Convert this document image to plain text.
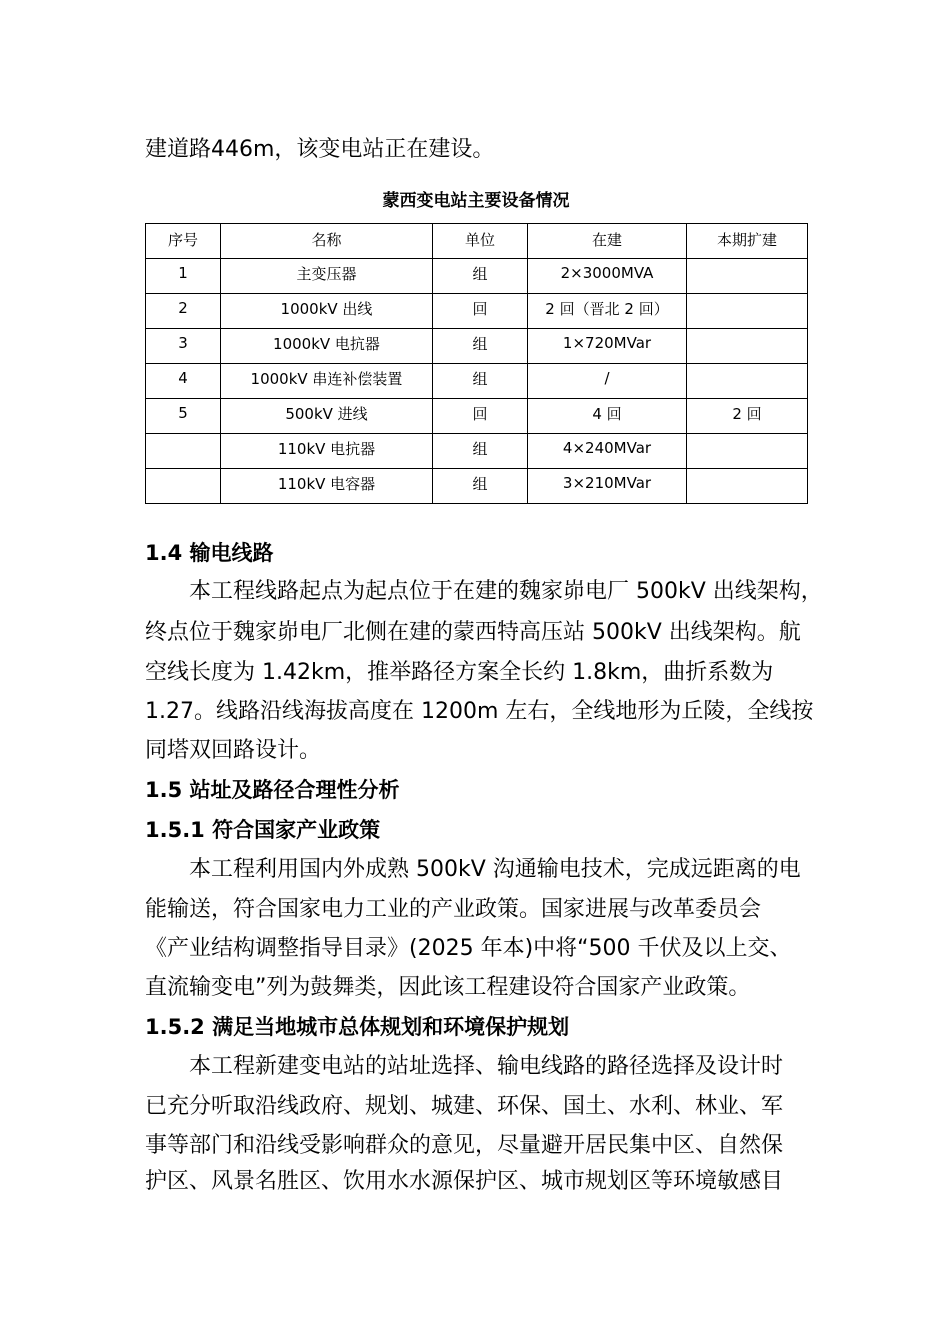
建道路446m，该变电站正在建设。
蒙西变电站主要设备情况
序号	名称	单位	在建	本期扩建
1	主变压器	组	2×3000MVA	
2	1000kV 出线	回	2 回（晋北 2 回）	
3	1000kV 电抗器	组	1×720MVar	
4	1000kV 串连补偿装置	组	/	
5	500kV 进线	回	4 回	2 回
	110kV 电抗器	组	4×240MVar	
	110kV 电容器	组	3×210MVar	
1.4 输电线路
本工程线路起点为起点位于在建的魏家峁电厂 500kV 出线架构，
终点位于魏家峁电厂北侧在建的蒙西特高压站 500kV 出线架构。航
空线长度为 1.42km，推举路径方案全长约 1.8km，曲折系数为
1.27。线路沿线海拔高度在 1200m 左右，全线地形为丘陵，全线按
同塔双回路设计。
1.5 站址及路径合理性分析
1.5.1 符合国家产业政策
本工程利用国内外成熟 500kV 沟通输电技术，完成远距离的电
能输送，符合国家电力工业的产业政策。国家进展与改革委员会
《产业结构调整指导目录》(2025 年本)中将“500 千伏及以上交、
直流输变电”列为鼓舞类，因此该工程建设符合国家产业政策。
1.5.2 满足当地城市总体规划和环境保护规划
本工程新建变电站的站址选择、输电线路的路径选择及设计时
已充分听取沿线政府、规划、城建、环保、国土、水利、林业、军
事等部门和沿线受影响群众的意见，尽量避开居民集中区、自然保
护区、风景名胜区、饮用水水源保护区、城市规划区等环境敏感目
